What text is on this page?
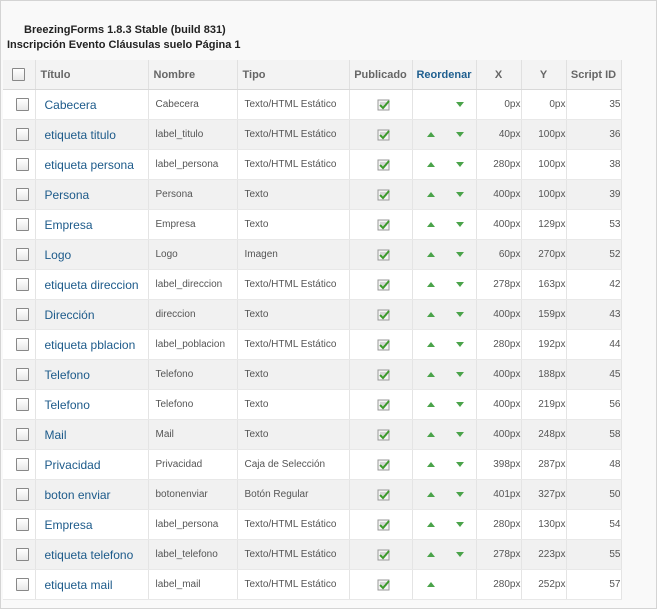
BreezingForms 1.8.3 Stable (build 831)
Inscripción Evento Cláusulas suelo Página 1
	Título	Nombre	Tipo	Publicado	Reordenar	X	Y	Script ID
	Cabecera	Cabecera	Texto/HTML Estático			0px	0px	35
	etiqueta titulo	label_titulo	Texto/HTML Estático			40px	100px	36
	etiqueta persona	label_persona	Texto/HTML Estático			280px	100px	38
	Persona	Persona	Texto			400px	100px	39
	Empresa	Empresa	Texto			400px	129px	53
	Logo	Logo	Imagen			60px	270px	52
	etiqueta direccion	label_direccion	Texto/HTML Estático			278px	163px	42
	Dirección	direccion	Texto			400px	159px	43
	etiqueta pblacion	label_poblacion	Texto/HTML Estático			280px	192px	44
	Telefono	Telefono	Texto			400px	188px	45
	Telefono	Telefono	Texto			400px	219px	56
	Mail	Mail	Texto			400px	248px	58
	Privacidad	Privacidad	Caja de Selección			398px	287px	48
	boton enviar	botonenviar	Botón Regular			401px	327px	50
	Empresa	label_persona	Texto/HTML Estático			280px	130px	54
	etiqueta telefono	label_telefono	Texto/HTML Estático			278px	223px	55
	etiqueta mail	label_mail	Texto/HTML Estático			280px	252px	57
